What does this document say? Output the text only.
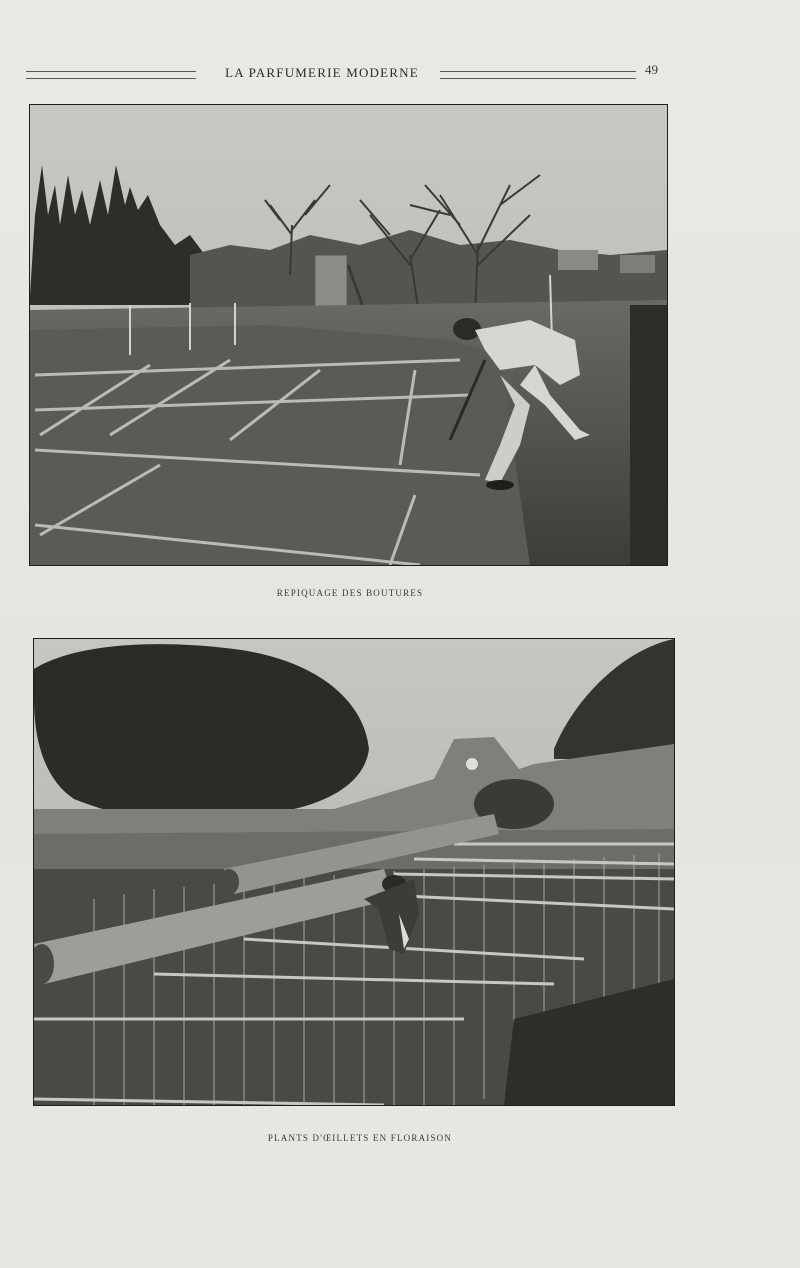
LA PARFUMERIE MODERNE	49
REPIQUAGE DES BOUTURES
PLANTS D'ŒILLETS EN FLORAISON
